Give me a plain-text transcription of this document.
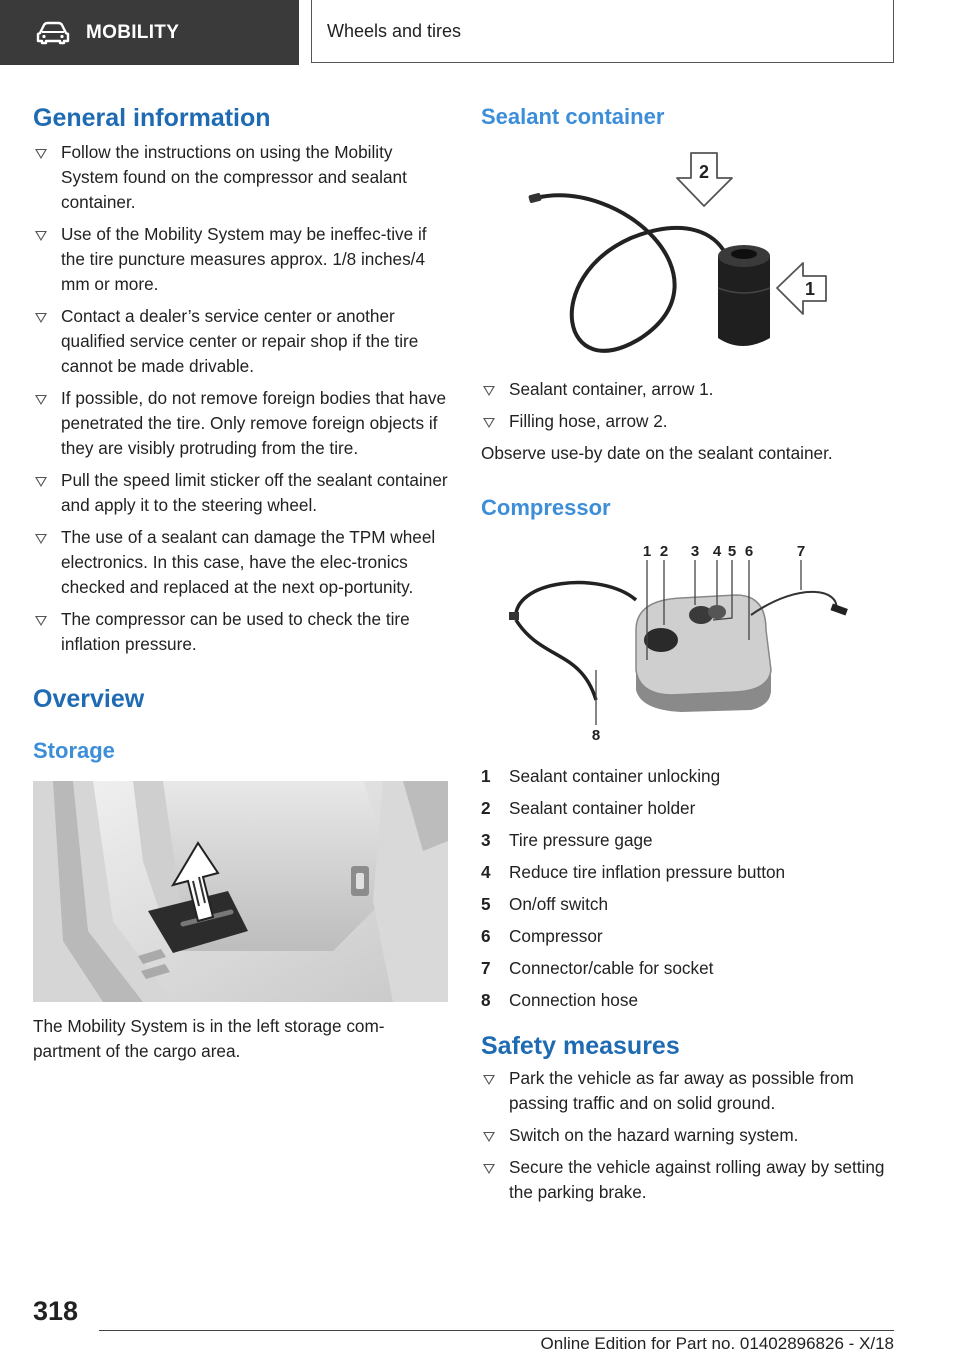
MOBILITY	Wheels and tires
General information
Follow the instructions on using the Mobility System found on the compressor and sealant container.
Use of the Mobility System may be ineffec‐tive if the tire puncture measures approx. 1/8 inches/4 mm or more.
Contact a dealer’s service center or another qualified service center or repair shop if the tire cannot be made drivable.
If possible, do not remove foreign bodies that have penetrated the tire. Only remove foreign objects if they are visibly protruding from the tire.
Pull the speed limit sticker off the sealant container and apply it to the steering wheel.
The use of a sealant can damage the TPM wheel electronics. In this case, have the elec‐tronics checked and replaced at the next op‐portunity.
The compressor can be used to check the tire inflation pressure.
Overview
Storage

The Mobility System is in the left storage com‐partment of the cargo area.

Sealant container
2
1
Sealant container, arrow 1.
Filling hose, arrow 2.

Observe use-by date on the sealant container.

Compressor
1 2 3 4 5 6	7
8
1	Sealant container unlocking
2	Sealant container holder
3	Tire pressure gage
4	Reduce tire inflation pressure button
5	On/off switch
6	Compressor
7	Connector/cable for socket
8	Connection hose
Safety measures
Park the vehicle as far away as possible from passing traffic and on solid ground.
Switch on the hazard warning system.
Secure the vehicle against rolling away by setting the parking brake.
318
Online Edition for Part no. 01402896826 - X/18
